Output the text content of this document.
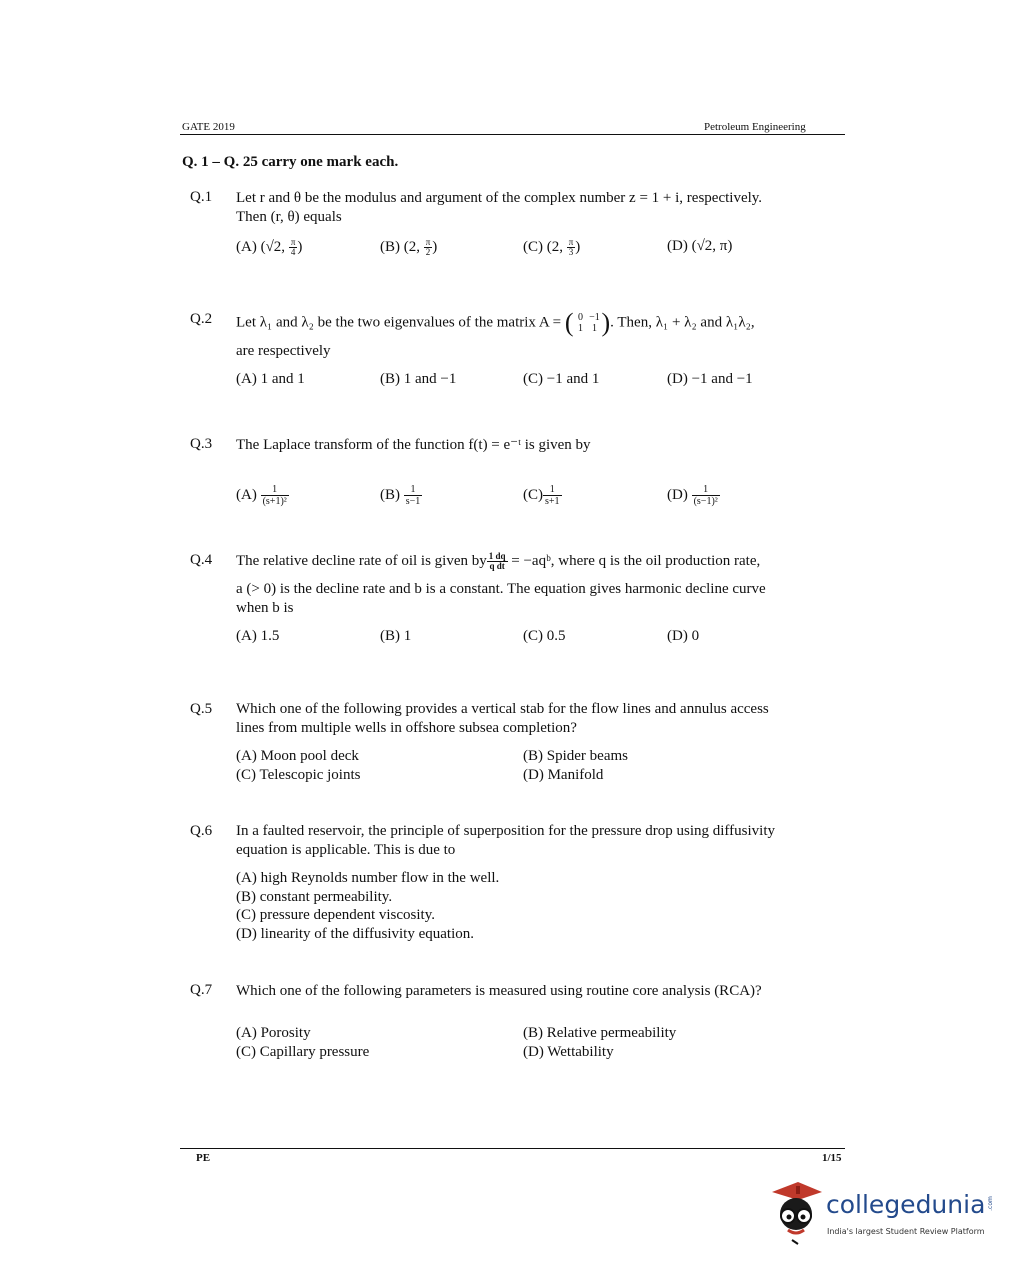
GATE 2019	Petroleum Engineering
Q. 1 – Q. 25 carry one mark each.
Q.1 Let r and θ be the modulus and argument of the complex number z = 1 + i, respectively.
Then (r, θ) equals
(A) (√2, $\frac{\pi}{4}$ )	(B) (2, $\frac{\pi}{2}$ )	(C) (2, $\frac{\pi}{3}$ )	(D) (√2, π)
Q.2 Let λ₁ and λ₂ be the two eigenvalues of the matrix A = ( 0 −1
1 1 ). Then, λ₁ + λ₂ and λ₁λ₂,
are respectively
(A) 1 and 1	(B) 1 and −1	(C) −1 and 1	(D) −1 and −1
Q.3 The Laplace transform of the function f(t) = e⁻ᵗ is given by
$(A) \frac{1}{\text{(s+1)²}}$	$(B) \frac{1}{s-1}$	$(C) \frac{1}{s+1}$	$(D) \frac{1}{\text{(s−1)²}}$
Q.4 The relative decline rate of oil is given by $\frac{1 dq}{\text{q dt}}$ = −aqᵇ, where q is the oil production rate,
a (> 0) is the decline rate and b is a constant. The equation gives harmonic decline curve
when b is
(A) 1.5	(B) 1	(C) 0.5	(D) 0
Q.5 Which one of the following provides a vertical stab for the flow lines and annulus access
lines from multiple wells in offshore subsea completion?
(A) Moon pool deck	(B) Spider beams
(C) Telescopic joints	(D) Manifold
Q.6 In a faulted reservoir, the principle of superposition for the pressure drop using diffusivity
equation is applicable. This is due to
(A) high Reynolds number flow in the well.
(B) constant permeability.
(C) pressure dependent viscosity.
(D) linearity of the diffusivity equation.
Q.7 Which one of the following parameters is measured using routine core analysis (RCA)?
(A) Porosity	(B) Relative permeability
(C) Capillary pressure	(D) Wettability
PE	1/15
collegedunia .com
India's largest Student Review Platform
